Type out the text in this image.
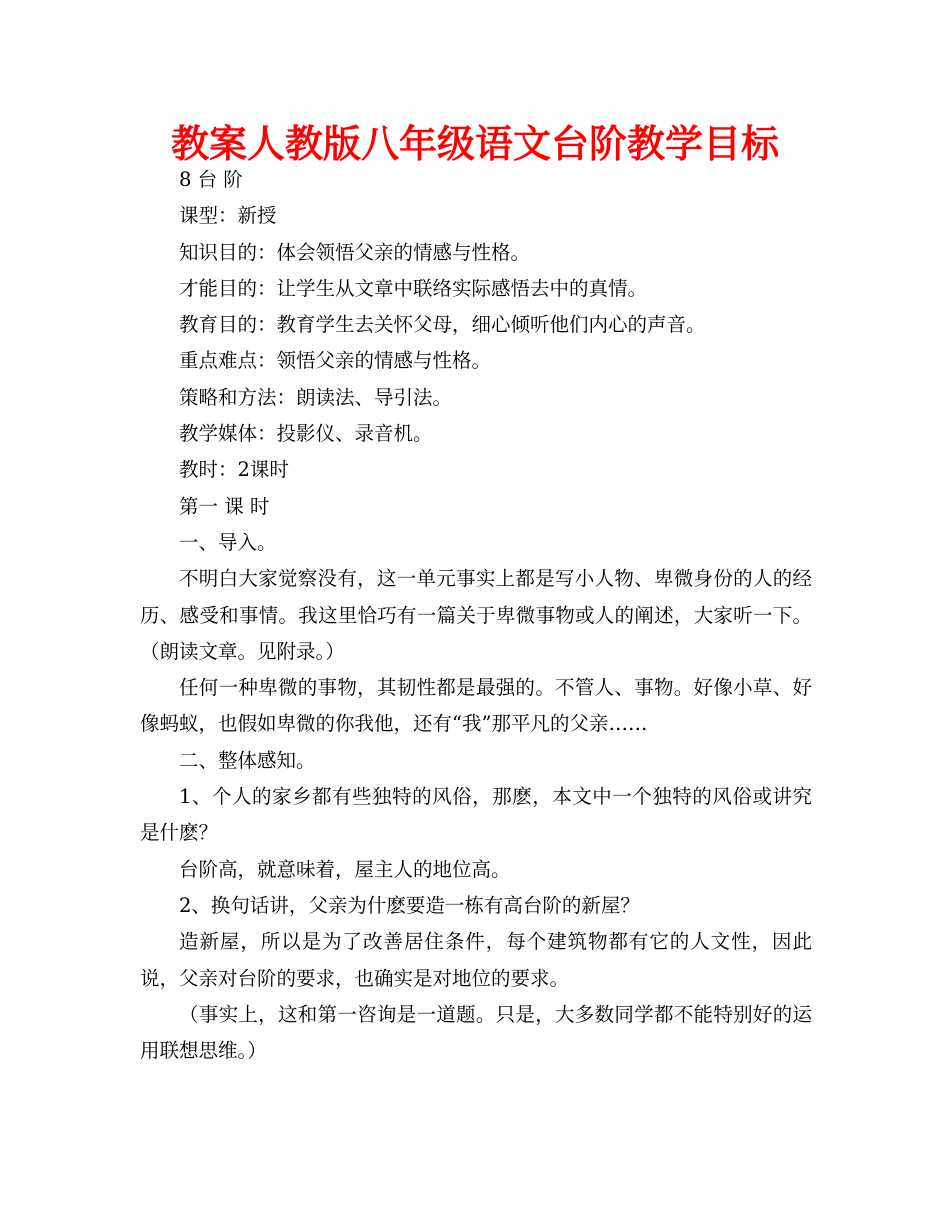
教案人教版八年级语文台阶教学目标

8 台 阶

课型：新授

知识目的：体会领悟父亲的情感与性格。

才能目的：让学生从文章中联络实际感悟去中的真情。

教育目的：教育学生去关怀父母，细心倾听他们内心的声音。

重点难点：领悟父亲的情感与性格。

策略和方法：朗读法、导引法。

教学媒体：投影仪、录音机。

教时：2课时

第一 课 时

一、导入。

不明白大家觉察没有，这一单元事实上都是写小人物、卑微身份的人的经历、感受和事情。我这里恰巧有一篇关于卑微事物或人的阐述，大家听一下。（朗读文章。见附录。）

任何一种卑微的事物，其韧性都是最强的。不管人、事物。好像小草、好像蚂蚁，也假如卑微的你我他，还有“我”那平凡的父亲……

二、整体感知。

1、个人的家乡都有些独特的风俗，那麽，本文中一个独特的风俗或讲究是什麽？

台阶高，就意味着，屋主人的地位高。

2、换句话讲，父亲为什麽要造一栋有高台阶的新屋？

造新屋，所以是为了改善居住条件，每个建筑物都有它的人文性，因此说，父亲对台阶的要求，也确实是对地位的要求。

（事实上，这和第一咨询是一道题。只是，大多数同学都不能特别好的运用联想思维。）
